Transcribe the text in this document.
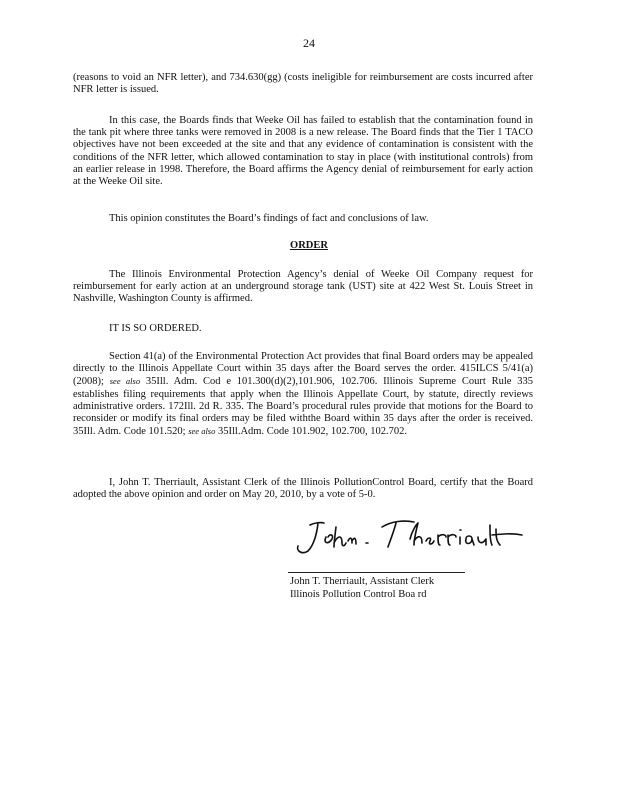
24
(reasons to void an NFR letter), and 734.630(gg) (costs ineligible for reimbursement are costs incurred after NFR letter is issued.
In this case, the Boards finds that Weeke Oil has failed to establish that the contamination found in the tank pit where three tanks were removed in 2008 is a new release. The Board finds that the Tier 1 TACO objectives have not been exceeded at the site and that any evidence of contamination is consistent with the conditions of the NFR letter, which allowed contamination to stay in place (with institutional controls) from an earlier release in 1998. Therefore, the Board affirms the Agency denial of reimbursement for early action at the Weeke Oil site.
This opinion constitutes the Board’s findings of fact and conclusions of law.
ORDER
The Illinois Environmental Protection Agency’s denial of Weeke Oil Company request for reimbursement for early action at an underground storage tank (UST) site at 422 West St. Louis Street in Nashville, Washington County is affirmed.
IT IS SO ORDERED.
Section 41(a) of the Environmental Protection Act provides that final Board orders may be appealed directly to the Illinois Appellate Court within 35 days after the Board serves the order. 415ILCS 5/41(a) (2008); see also 35Ill. Adm. Cod e 101.300(d)(2),101.906, 102.706. Illinois Supreme Court Rule 335 establishes filing requirements that apply when the Illinois Appellate Court, by statute, directly reviews administrative orders. 172Ill. 2d R. 335. The Board’s procedural rules provide that motions for the Board to reconsider or modify its final orders may be filed withthe Board within 35 days after the order is received. 35Ill. Adm. Code 101.520; see also 35Ill.Adm. Code 101.902, 102.700, 102.702.
I, John T. Therriault, Assistant Clerk of the Illinois PollutionControl Board, certify that the Board adopted the above opinion and order on May 20, 2010, by a vote of 5-0.
John T. Therriault, Assistant Clerk
Illinois Pollution Control Boa rd
